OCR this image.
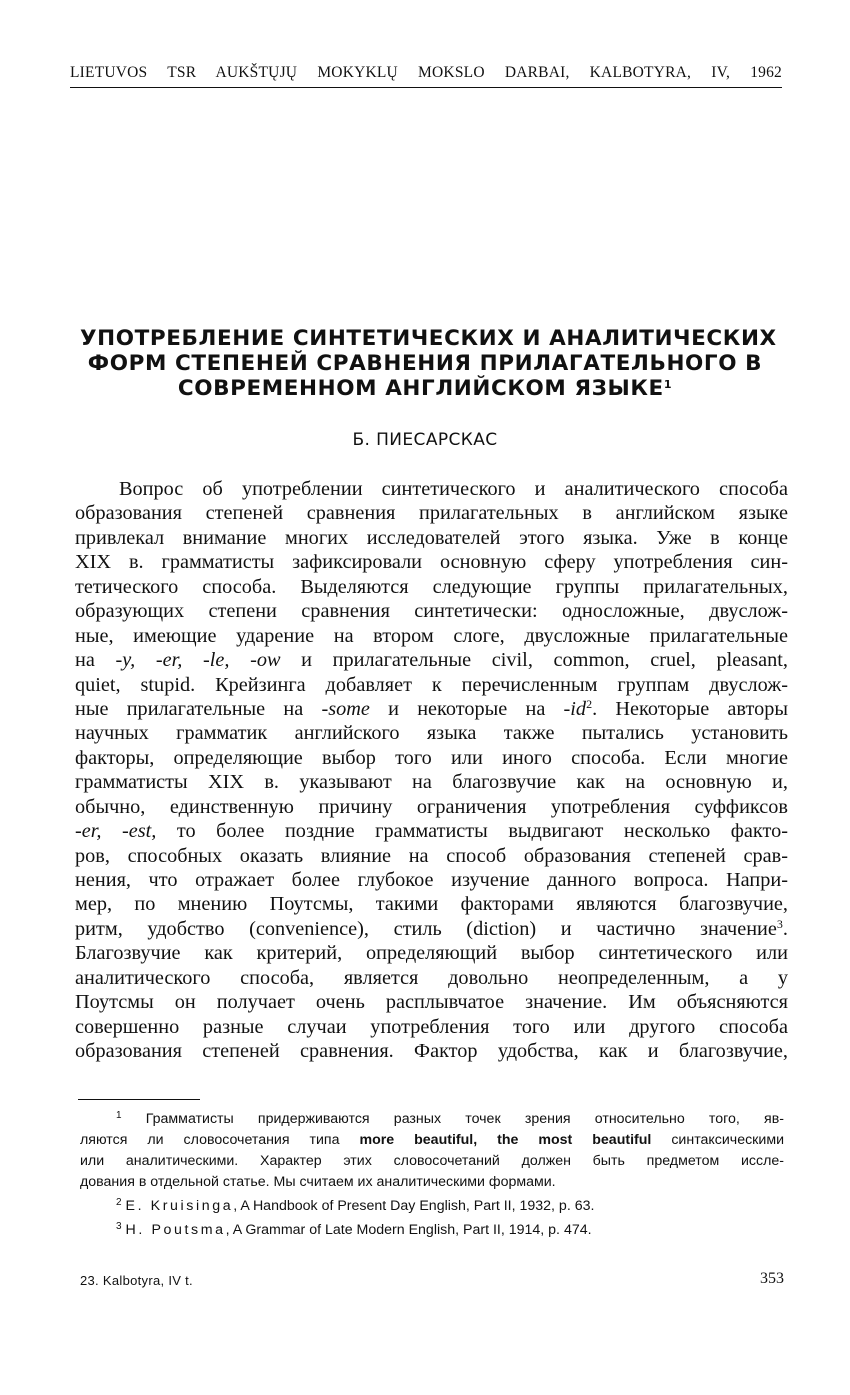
LIETUVOS TSR AUKŠTŲJŲ MOKYKLŲ MOKSLO DARBAI, KALBOTYRA, IV, 1962
УПОТРЕБЛЕНИЕ СИНТЕТИЧЕСКИХ И АНАЛИТИЧЕСКИХ
ФОРМ СТЕПЕНЕЙ СРАВНЕНИЯ ПРИЛАГАТЕЛЬНОГО В
СОВРЕМЕННОМ АНГЛИЙСКОМ ЯЗЫКЕ$^1$
Б. ПИЕСАРСКАС
Вопрос об употреблении синтетического и аналитического способа
образования степеней сравнения прилагательных в английском языке
привлекал внимание многих исследователей этого языка. Уже в конце
XIX в. грамматисты зафиксировали основную сферу употребления син-
тетического способа. Выделяются следующие группы прилагательных,
образующих степени сравнения синтетически: односложные, двуслож-
ные, имеющие ударение на втором слоге, двусложные прилагательные
на -y, -er, -le, -ow и прилагательные civil, common, cruel, pleasant,
quiet, stupid. Крейзинга добавляет к перечисленным группам двуслож-
ные прилагательные на -some и некоторые на -id$^2$. Некоторые авторы
научных грамматик английского языка также пытались установить
факторы, определяющие выбор того или иного способа. Если многие
грамматисты XIX в. указывают на благозвучие как на основную и,
обычно, единственную причину ограничения употребления суффиксов
-er, -est, то более поздние грамматисты выдвигают несколько факто-
ров, способных оказать влияние на способ образования степеней срав-
нения, что отражает более глубокое изучение данного вопроса. Напри-
мер, по мнению Поутсмы, такими факторами являются благозвучие,
ритм, удобство (convenience), стиль (diction) и частично значение$^3$.
Благозвучие как критерий, определяющий выбор синтетического или
аналитического способа, является довольно неопределенным, а у
Поутсмы он получает очень расплывчатое значение. Им объясняются
совершенно разные случаи употребления того или другого способа
образования степеней сравнения. Фактор удобства, как и благозвучие,
$^1$ Грамматисты придерживаются разных точек зрения относительно того, яв-
ляются ли словосочетания типа more beautiful, the most beautiful синтаксическими
или аналитическими. Характер этих словосочетаний должен быть предметом иссле-
дования в отдельной статье. Мы считаем их аналитическими формами.
$^2$ E. Kruisinga, A Handbook of Present Day English, Part II, 1932, p. 63.
$^3$ H. Poutsma, A Grammar of Late Modern English, Part II, 1914, p. 474.
23. Kalbotyra, IV t.	353
